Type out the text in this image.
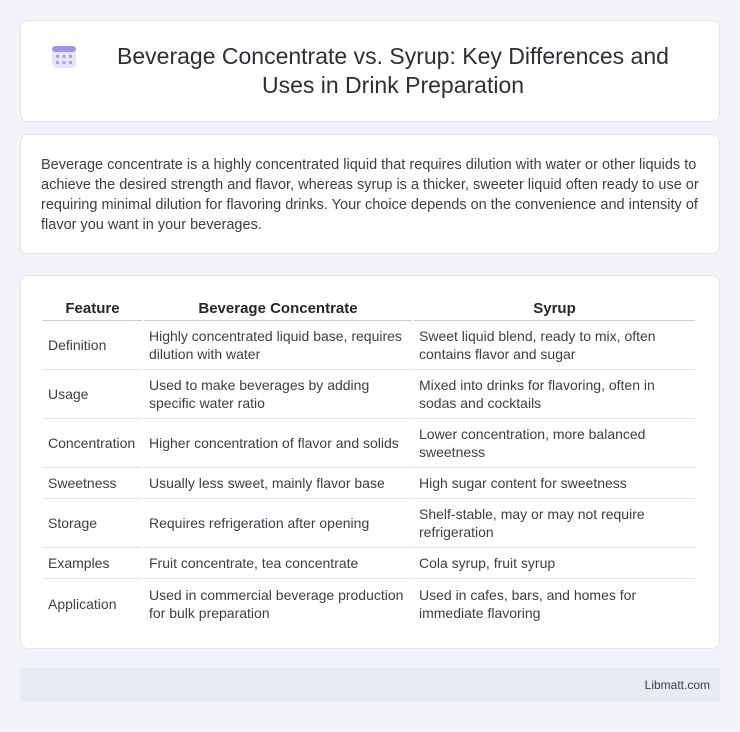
Beverage Concentrate vs. Syrup: Key Differences and Uses in Drink Preparation

Beverage concentrate is a highly concentrated liquid that requires dilution with water or other liquids to achieve the desired strength and flavor, whereas syrup is a thicker, sweeter liquid often ready to use or requiring minimal dilution for flavoring drinks. Your choice depends on the convenience and intensity of flavor you want in your beverages.

Feature	Beverage Concentrate	Syrup
Definition	Highly concentrated liquid base, requires dilution with water	Sweet liquid blend, ready to mix, often contains flavor and sugar
Usage	Used to make beverages by adding specific water ratio	Mixed into drinks for flavoring, often in sodas and cocktails
Concentration	Higher concentration of flavor and solids	Lower concentration, more balanced sweetness
Sweetness	Usually less sweet, mainly flavor base	High sugar content for sweetness
Storage	Requires refrigeration after opening	Shelf-stable, may or may not require refrigeration
Examples	Fruit concentrate, tea concentrate	Cola syrup, fruit syrup
Application	Used in commercial beverage production for bulk preparation	Used in cafes, bars, and homes for immediate flavoring
Libmatt.com
